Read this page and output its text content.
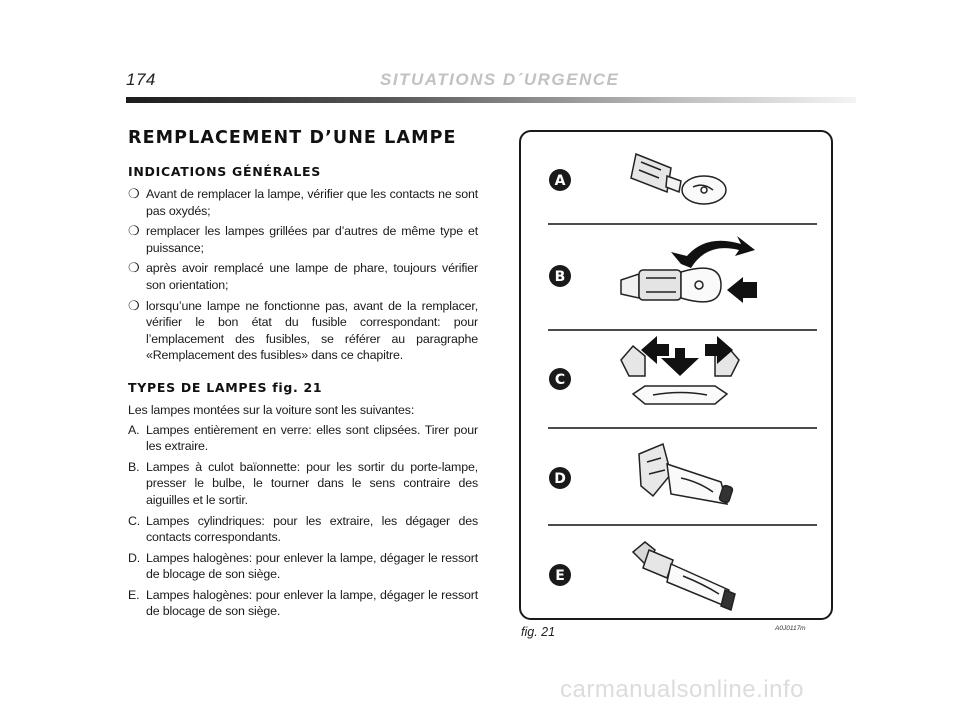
174	SITUATIONS D´URGENCE
REMPLACEMENT D’UNE LAMPE
INDICATIONS GÉNÉRALES
❍ Avant de remplacer la lampe, vérifier que les contacts ne sont pas oxydés;
❍ remplacer les lampes grillées par d’autres de même type et puissance;
❍ après avoir remplacé une lampe de phare, toujours vérifier son orientation;
❍ lorsqu’une lampe ne fonctionne pas, avant de la remplacer, vérifier le bon état du fusible correspondant: pour l’emplacement des fusibles, se référer au paragraphe «Remplacement des fusibles» dans ce chapitre.
TYPES DE LAMPES fig. 21

Les lampes montées sur la voiture sont les suivantes:

A. Lampes entièrement en verre: elles sont clipsées. Tirer pour les extraire.
B. Lampes à culot baïonnette: pour les sortir du porte-lampe, presser le bulbe, le tourner dans le sens contraire des aiguilles et le sortir.
C. Lampes cylindriques: pour les extraire, les dégager des contacts correspondants.
D. Lampes halogènes: pour enlever la lampe, dégager le ressort de blocage de son siège.
E. Lampes halogènes: pour enlever la lampe, dégager le ressort de blocage de son siège.
A
B
C
D
E
fig. 21	A0J0117m
carmanualsonline.info
